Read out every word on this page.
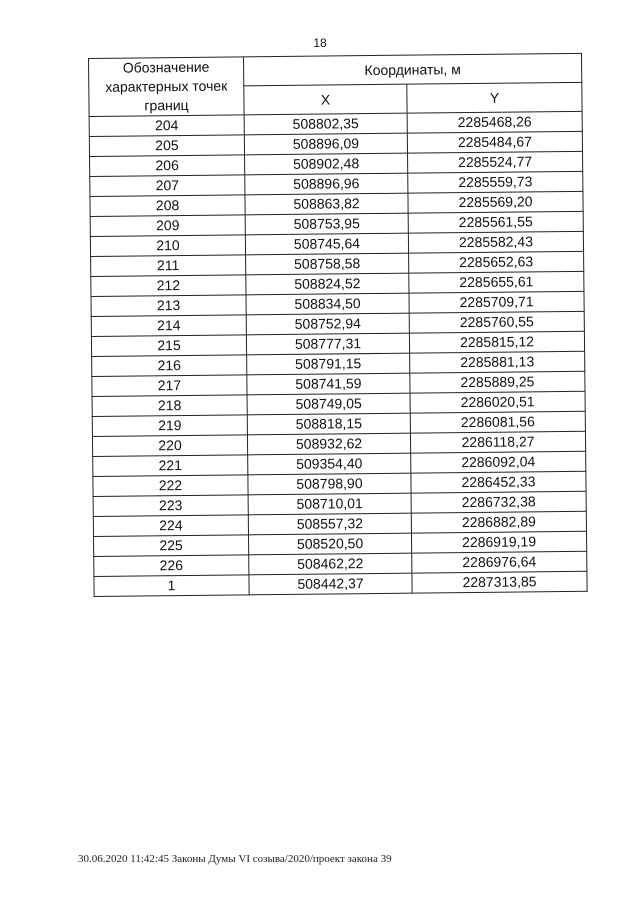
18
Обозначение характерных точек границ	Координаты, м	
	X	Y
204	508802,35	2285468,26
205	508896,09	2285484,67
206	508902,48	2285524,77
207	508896,96	2285559,73
208	508863,82	2285569,20
209	508753,95	2285561,55
210	508745,64	2285582,43
211	508758,58	2285652,63
212	508824,52	2285655,61
213	508834,50	2285709,71
214	508752,94	2285760,55
215	508777,31	2285815,12
216	508791,15	2285881,13
217	508741,59	2285889,25
218	508749,05	2286020,51
219	508818,15	2286081,56
220	508932,62	2286118,27
221	509354,40	2286092,04
222	508798,90	2286452,33
223	508710,01	2286732,38
224	508557,32	2286882,89
225	508520,50	2286919,19
226	508462,22	2286976,64
1	508442,37	2287313,85
30.06.2020 11:42:45 Законы Думы VI созыва/2020/проект закона 39
